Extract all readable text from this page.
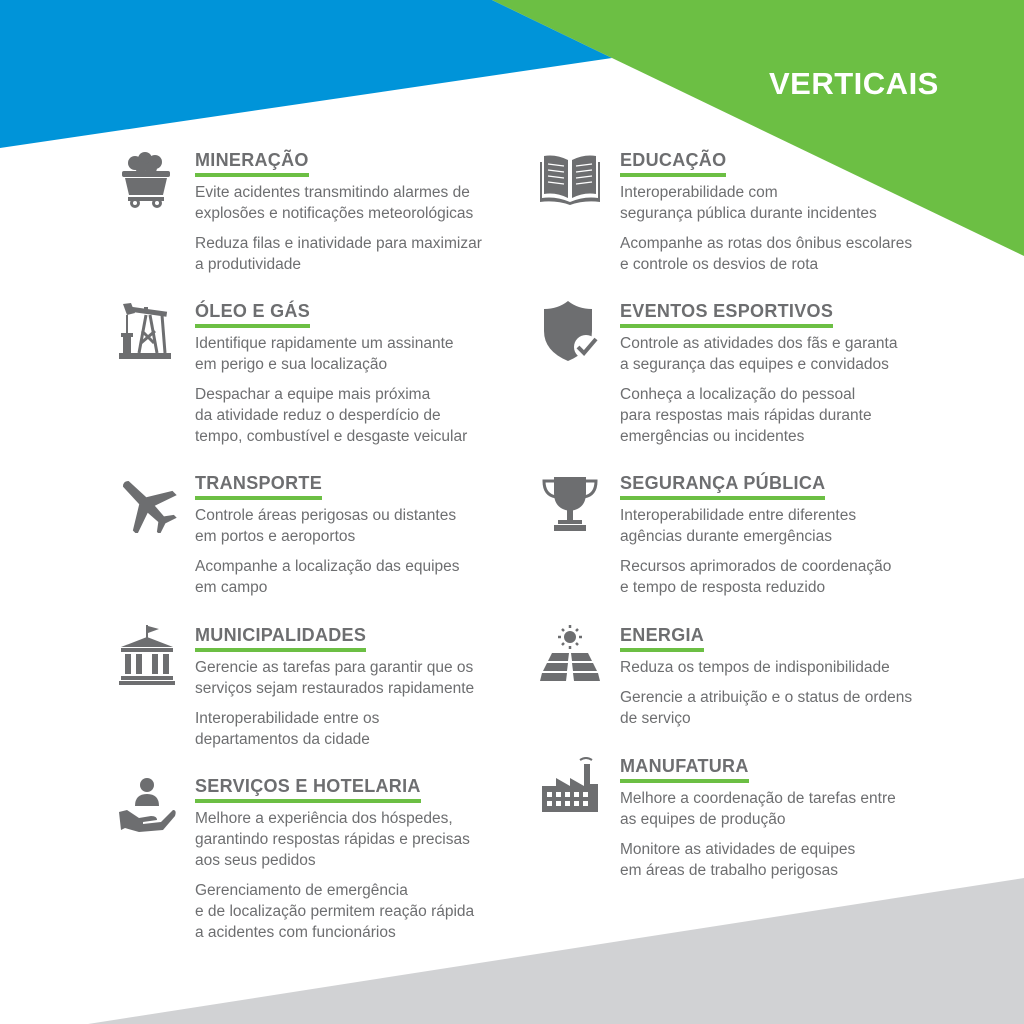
VERTICAIS
MINERAÇÃO

Evite acidentes transmitindo alarmes de
explosões e notificações meteorológicas

Reduza filas e inatividade para maximizar
a produtividade

ÓLEO E GÁS

Identifique rapidamente um assinante
em perigo e sua localização

Despachar a equipe mais próxima
da atividade reduz o desperdício de
tempo, combustível e desgaste veicular

TRANSPORTE

Controle áreas perigosas ou distantes
em portos e aeroportos

Acompanhe a localização das equipes
em campo

MUNICIPALIDADES

Gerencie as tarefas para garantir que os
serviços sejam restaurados rapidamente

Interoperabilidade entre os
departamentos da cidade

SERVIÇOS E HOTELARIA

Melhore a experiência dos hóspedes,
garantindo respostas rápidas e precisas
aos seus pedidos

Gerenciamento de emergência
e de localização permitem reação rápida
a acidentes com funcionários

EDUCAÇÃO

Interoperabilidade com
segurança pública durante incidentes

Acompanhe as rotas dos ônibus escolares
e controle os desvios de rota

EVENTOS ESPORTIVOS

Controle as atividades dos fãs e garanta
a segurança das equipes e convidados

Conheça a localização do pessoal
para respostas mais rápidas durante
emergências ou incidentes

SEGURANÇA PÚBLICA

Interoperabilidade entre diferentes
agências durante emergências

Recursos aprimorados de coordenação
e tempo de resposta reduzido

ENERGIA

Reduza os tempos de indisponibilidade

Gerencie a atribuição e o status de ordens
de serviço

MANUFATURA

Melhore a coordenação de tarefas entre
as equipes de produção

Monitore as atividades de equipes
em áreas de trabalho perigosas
